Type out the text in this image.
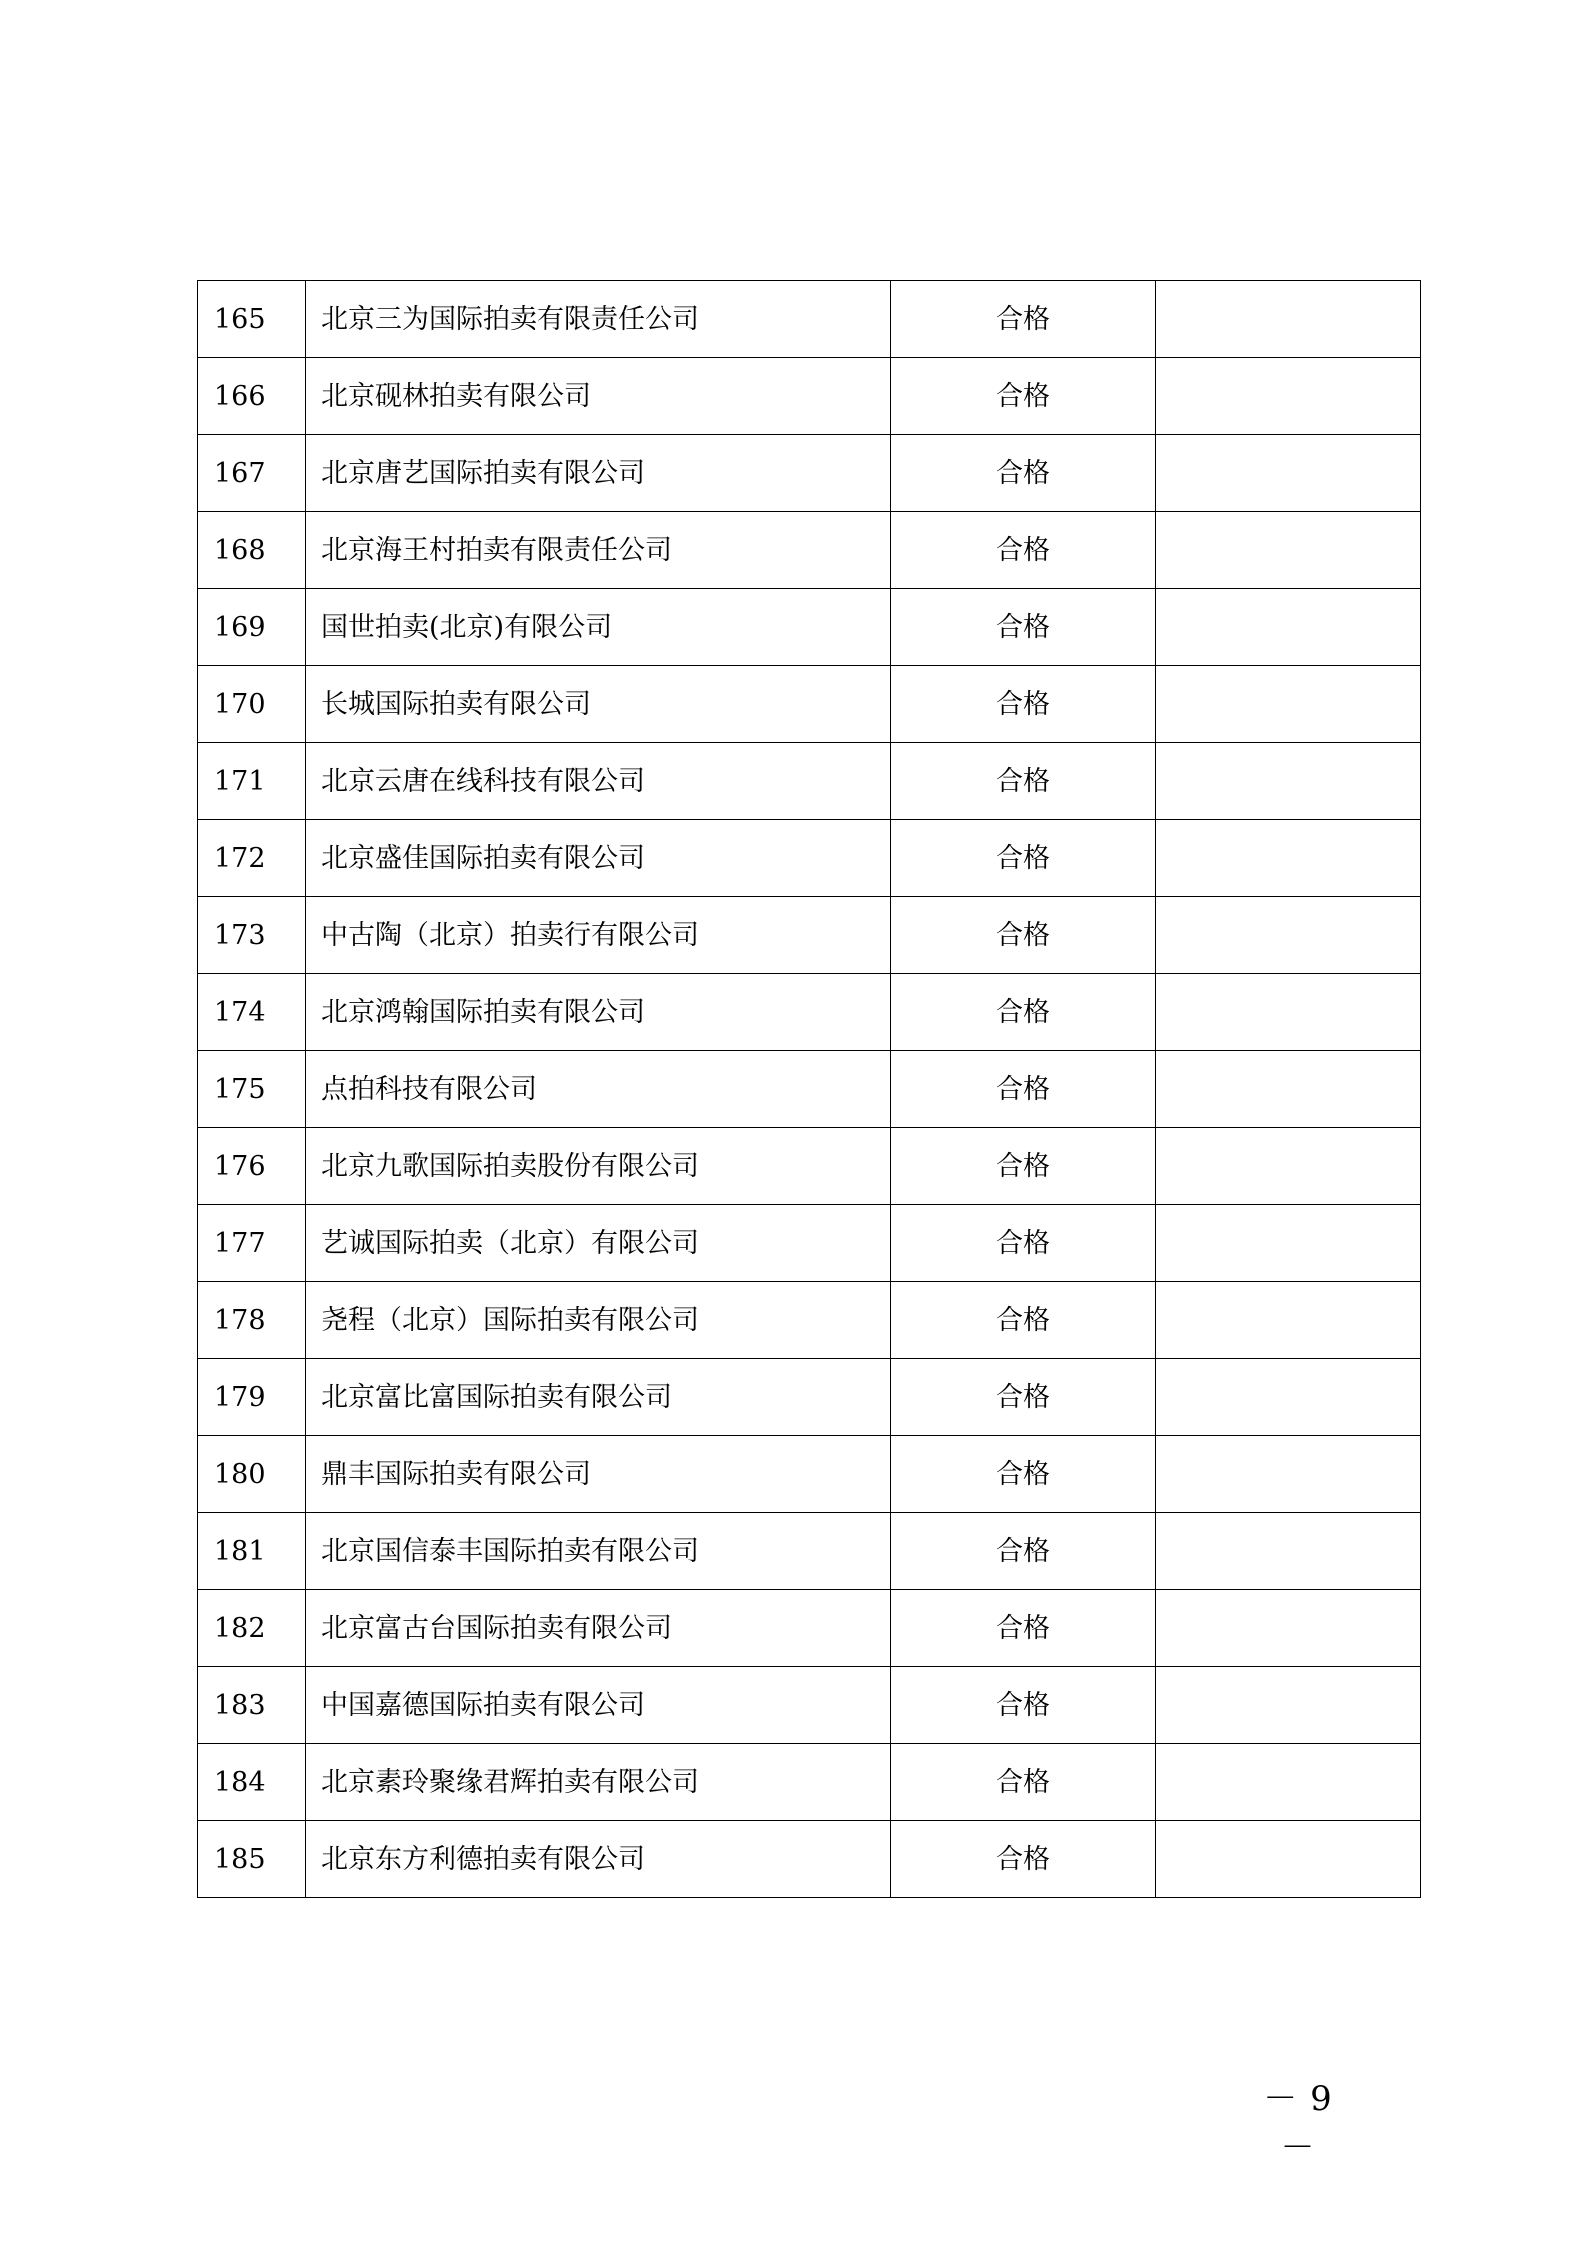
165	北京三为国际拍卖有限责任公司	合格	
166	北京砚林拍卖有限公司	合格	
167	北京唐艺国际拍卖有限公司	合格	
168	北京海王村拍卖有限责任公司	合格	
169	国世拍卖(北京)有限公司	合格	
170	长城国际拍卖有限公司	合格	
171	北京云唐在线科技有限公司	合格	
172	北京盛佳国际拍卖有限公司	合格	
173	中古陶（北京）拍卖行有限公司	合格	
174	北京鸿翰国际拍卖有限公司	合格	
175	点拍科技有限公司	合格	
176	北京九歌国际拍卖股份有限公司	合格	
177	艺诚国际拍卖（北京）有限公司	合格	
178	尧程（北京）国际拍卖有限公司	合格	
179	北京富比富国际拍卖有限公司	合格	
180	鼎丰国际拍卖有限公司	合格	
181	北京国信泰丰国际拍卖有限公司	合格	
182	北京富古台国际拍卖有限公司	合格	
183	中国嘉德国际拍卖有限公司	合格	
184	北京素玲聚缘君辉拍卖有限公司	合格	
185	北京东方利德拍卖有限公司	合格	
－ 9 －
